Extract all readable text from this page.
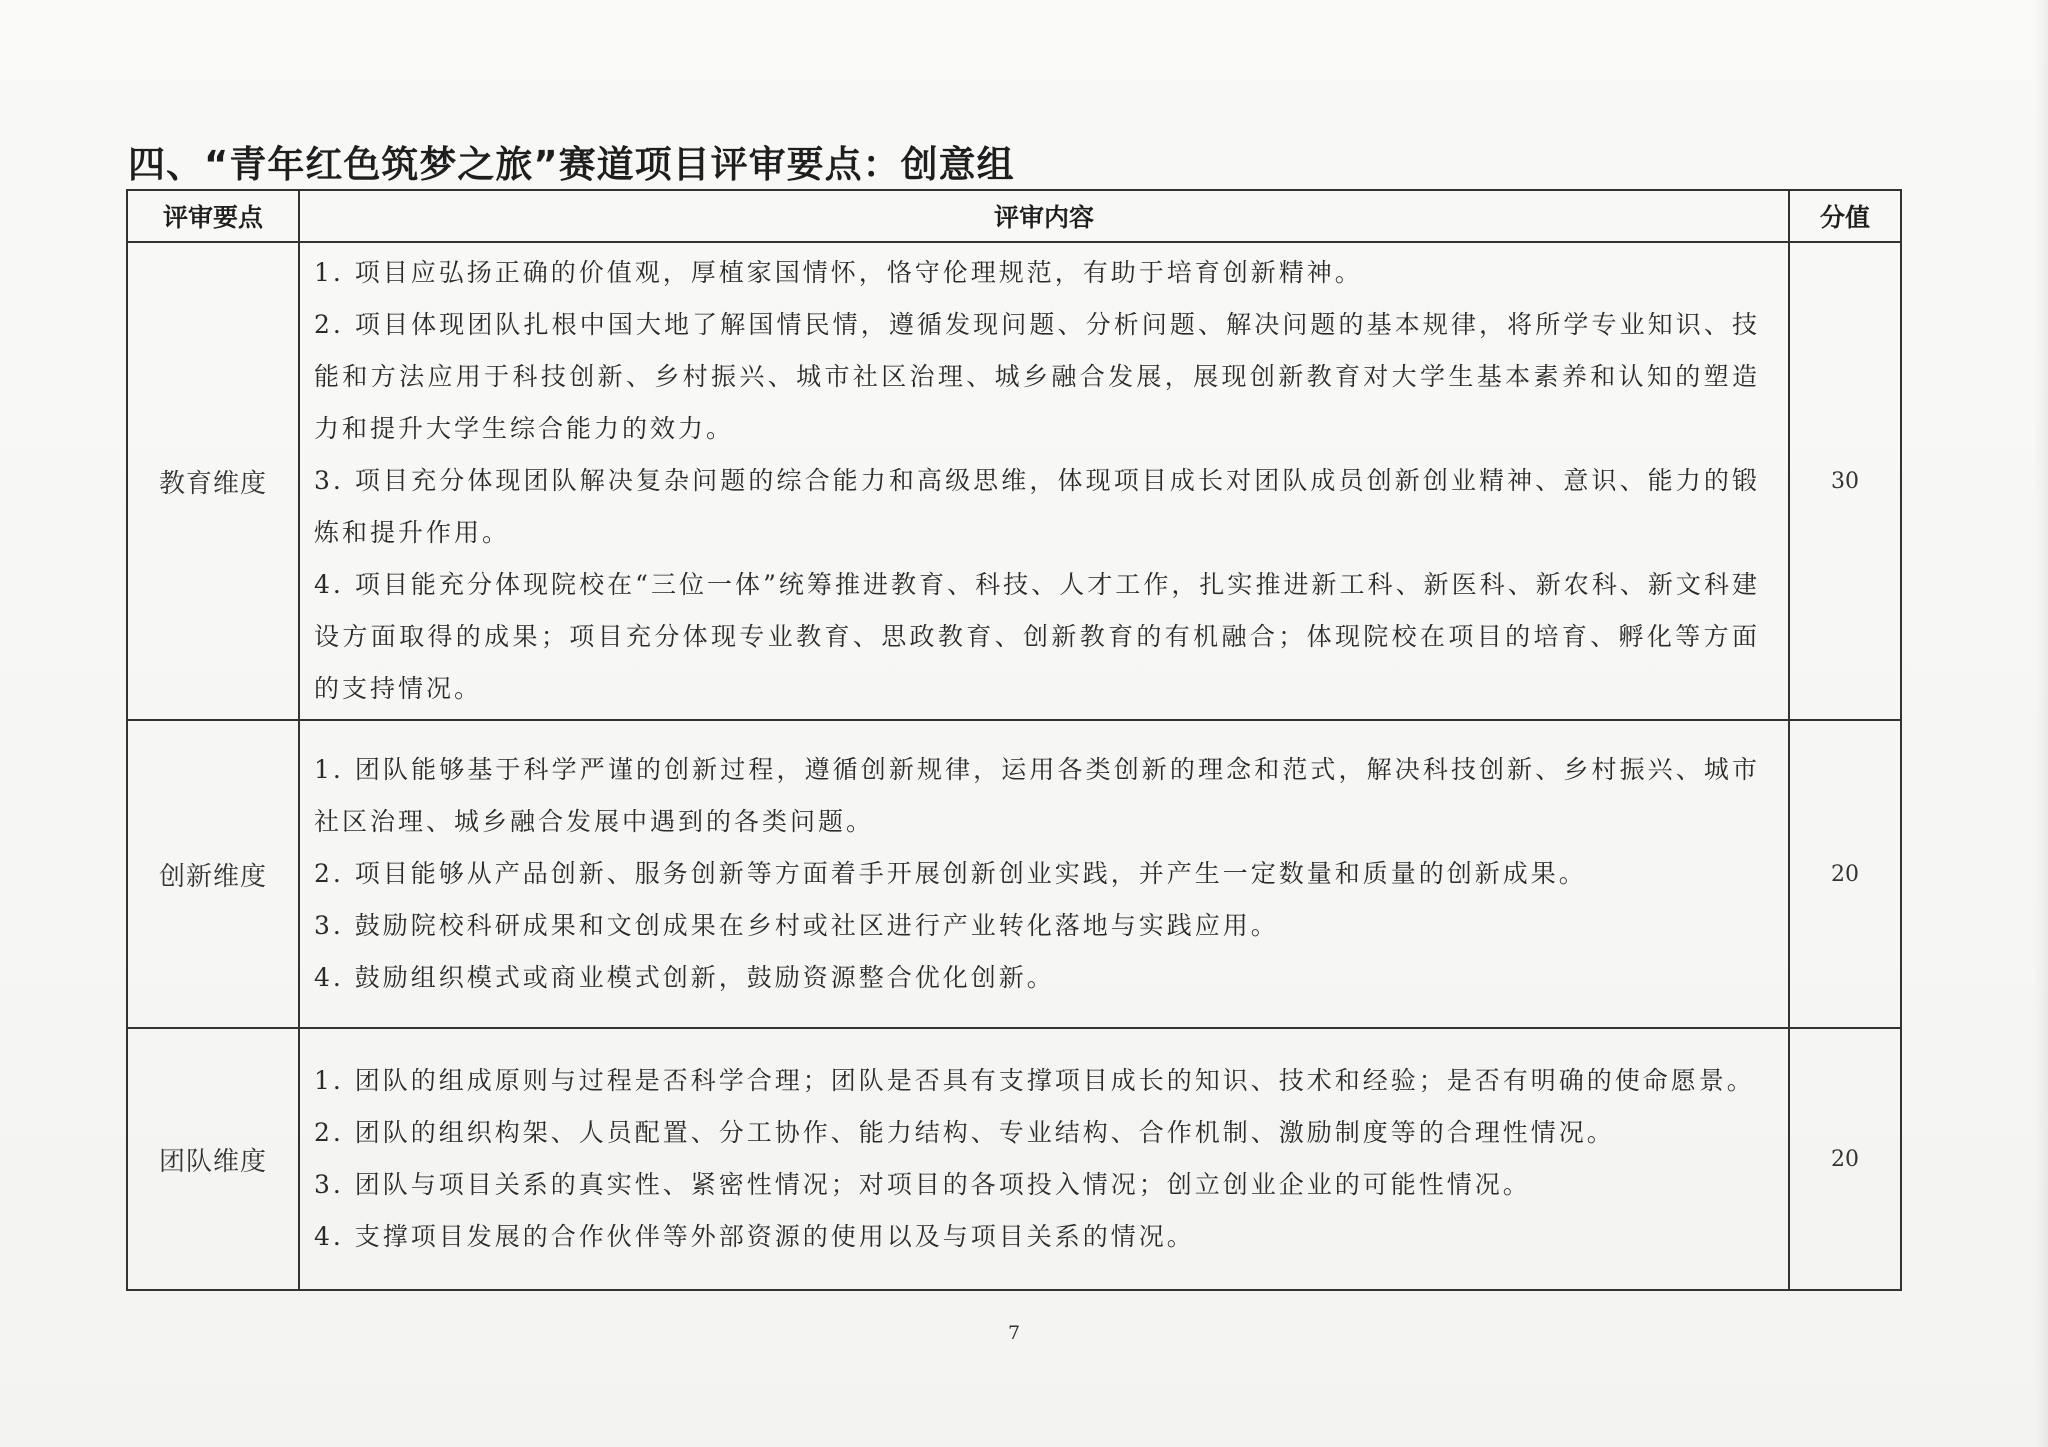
四、“青年红色筑梦之旅”赛道项目评审要点：创意组
评审要点	评审内容	分值
教育维度	1. 项目应弘扬正确的价值观，厚植家国情怀，恪守伦理规范，有助于培育创新精神。
2. 项目体现团队扎根中国大地了解国情民情，遵循发现问题、分析问题、解决问题的基本规律，将所学专业知识、技能和方法应用于科技创新、乡村振兴、城市社区治理、城乡融合发展，展现创新教育对大学生基本素养和认知的塑造力和提升大学生综合能力的效力。
3. 项目充分体现团队解决复杂问题的综合能力和高级思维，体现项目成长对团队成员创新创业精神、意识、能力的锻炼和提升作用。
4. 项目能充分体现院校在“三位一体”统筹推进教育、科技、人才工作，扎实推进新工科、新医科、新农科、新文科建设方面取得的成果；项目充分体现专业教育、思政教育、创新教育的有机融合；体现院校在项目的培育、孵化等方面的支持情况。	30
创新维度	1. 团队能够基于科学严谨的创新过程，遵循创新规律，运用各类创新的理念和范式，解决科技创新、乡村振兴、城市社区治理、城乡融合发展中遇到的各类问题。
2. 项目能够从产品创新、服务创新等方面着手开展创新创业实践，并产生一定数量和质量的创新成果。
3. 鼓励院校科研成果和文创成果在乡村或社区进行产业转化落地与实践应用。
4. 鼓励组织模式或商业模式创新，鼓励资源整合优化创新。	20
团队维度	1. 团队的组成原则与过程是否科学合理；团队是否具有支撑项目成长的知识、技术和经验；是否有明确的使命愿景。
2. 团队的组织构架、人员配置、分工协作、能力结构、专业结构、合作机制、激励制度等的合理性情况。
3. 团队与项目关系的真实性、紧密性情况；对项目的各项投入情况；创立创业企业的可能性情况。
4. 支撑项目发展的合作伙伴等外部资源的使用以及与项目关系的情况。	20
7
